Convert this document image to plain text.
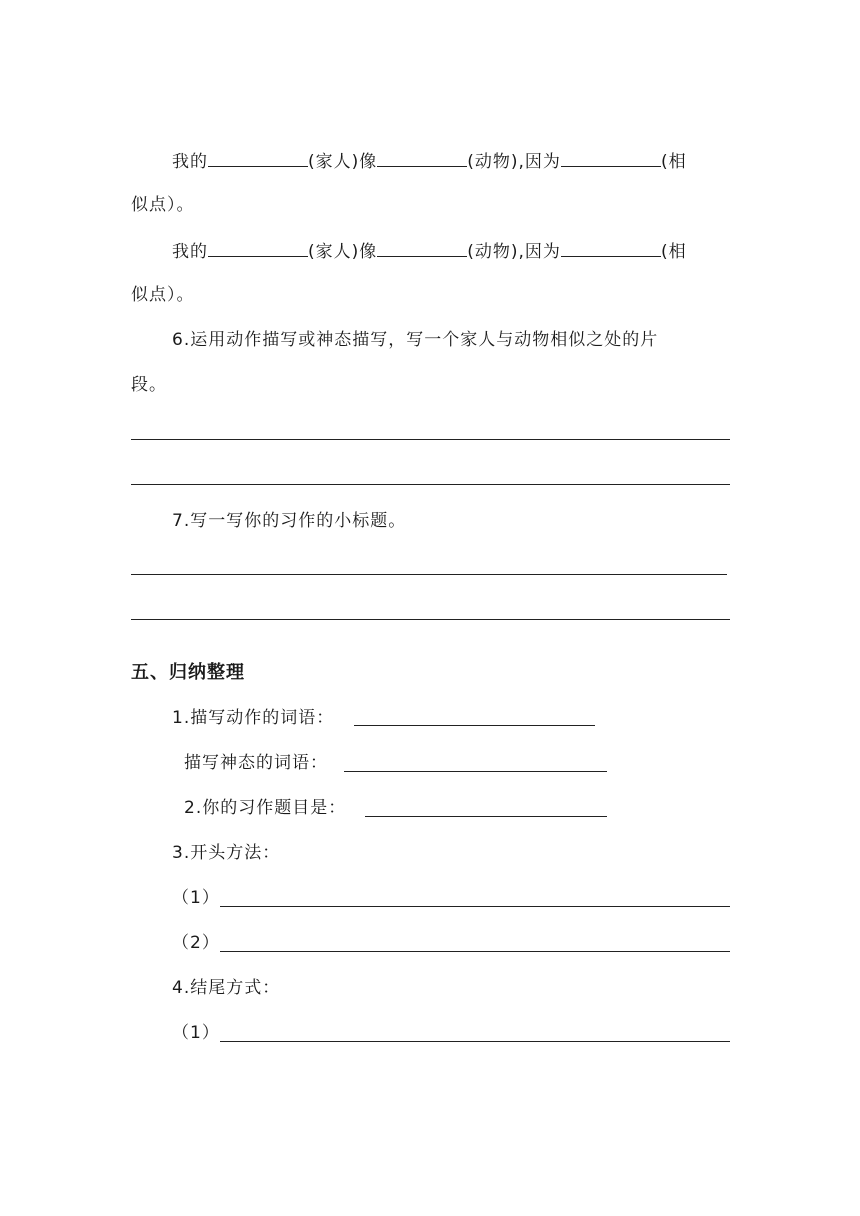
我的	(家人)像	(动物),因为	(相
似点）。
我的	(家人)像	(动物),因为	(相
似点）。
6.运用动作描写或神态描写，写一个家人与动物相似之处的片
段。
7.写一写你的习作的小标题。
五、归纳整理
1.描写动作的词语：
描写神态的词语：
2.你的习作题目是：
3.开头方法：
（1）
（2）
4.结尾方式：
（1）
